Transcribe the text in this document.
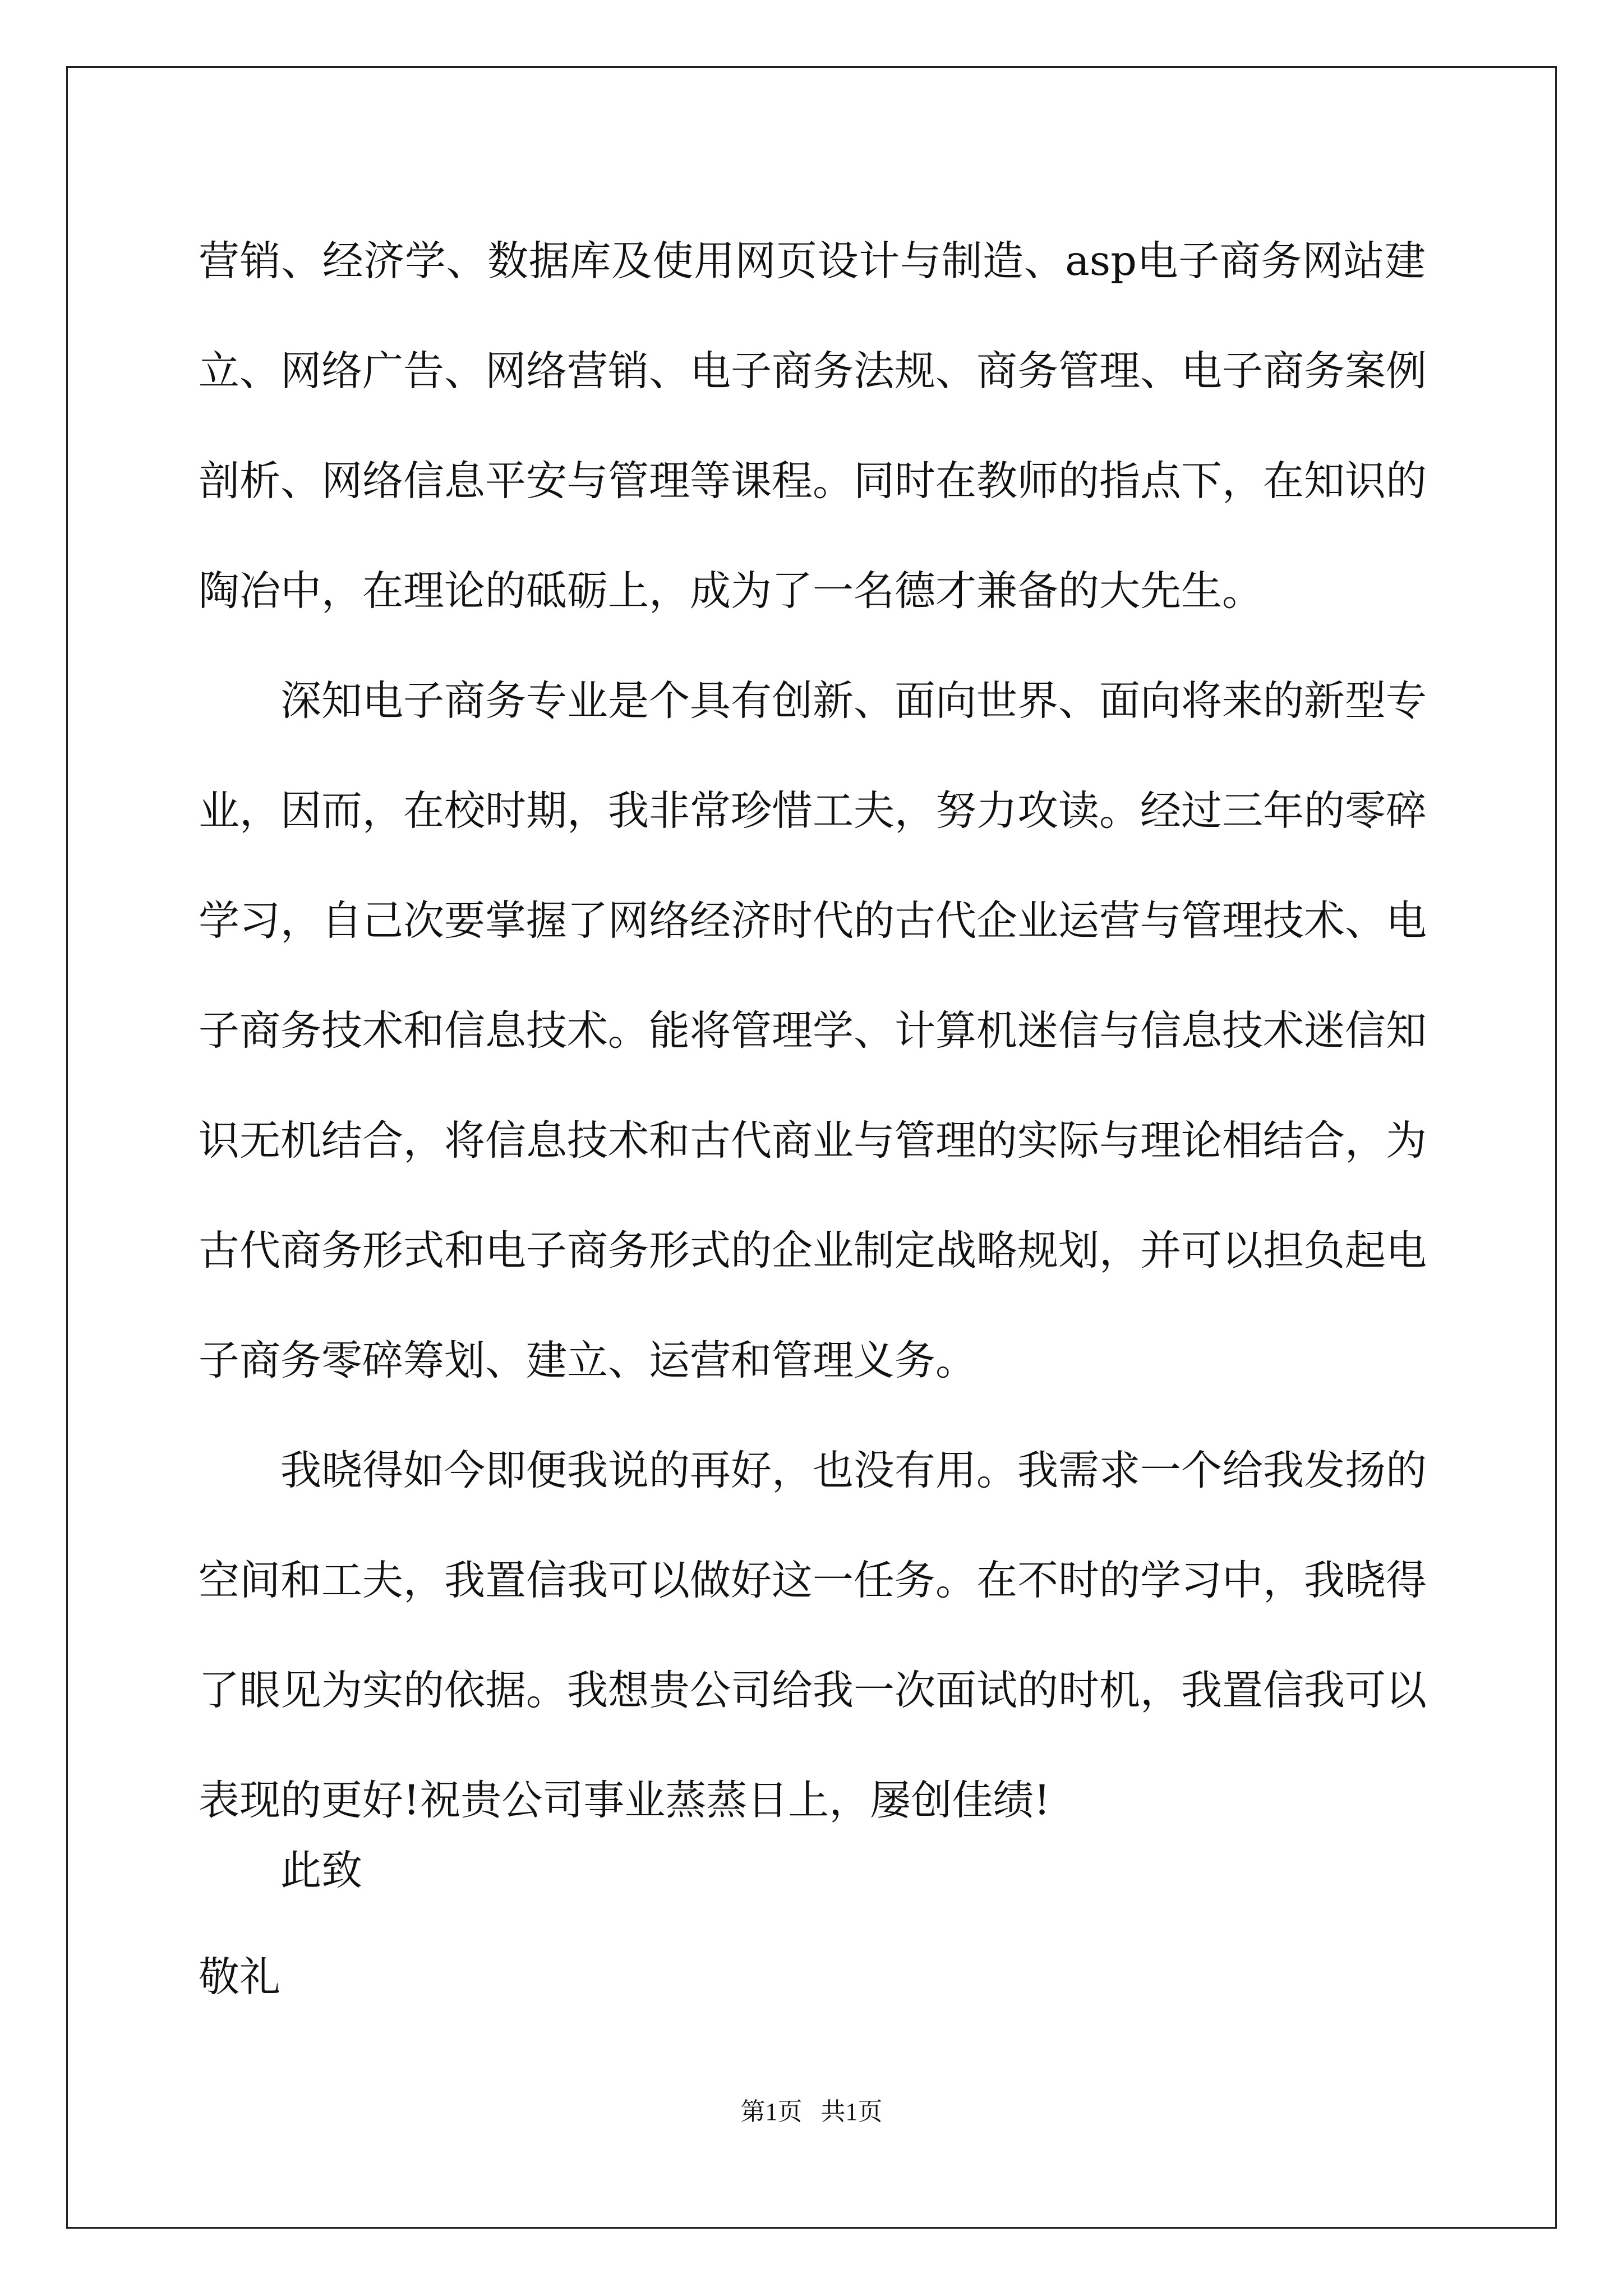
营销、经济学、数据库及使用网页设计与制造、asp电子商务网站建
立、网络广告、网络营销、电子商务法规、商务管理、电子商务案例
剖析、网络信息平安与管理等课程。同时在教师的指点下，在知识的
陶冶中，在理论的砥砺上，成为了一名德才兼备的大先生。
深知电子商务专业是个具有创新、面向世界、面向将来的新型专
业，因而，在校时期，我非常珍惜工夫，努力攻读。经过三年的零碎
学习，自己次要掌握了网络经济时代的古代企业运营与管理技术、电
子商务技术和信息技术。能将管理学、计算机迷信与信息技术迷信知
识无机结合，将信息技术和古代商业与管理的实际与理论相结合，为
古代商务形式和电子商务形式的企业制定战略规划，并可以担负起电
子商务零碎筹划、建立、运营和管理义务。
我晓得如今即便我说的再好，也没有用。我需求一个给我发扬的
空间和工夫，我置信我可以做好这一任务。在不时的学习中，我晓得
了眼见为实的依据。我想贵公司给我一次面试的时机，我置信我可以
表现的更好!祝贵公司事业蒸蒸日上，屡创佳绩!
此致
敬礼
第1页   共1页
